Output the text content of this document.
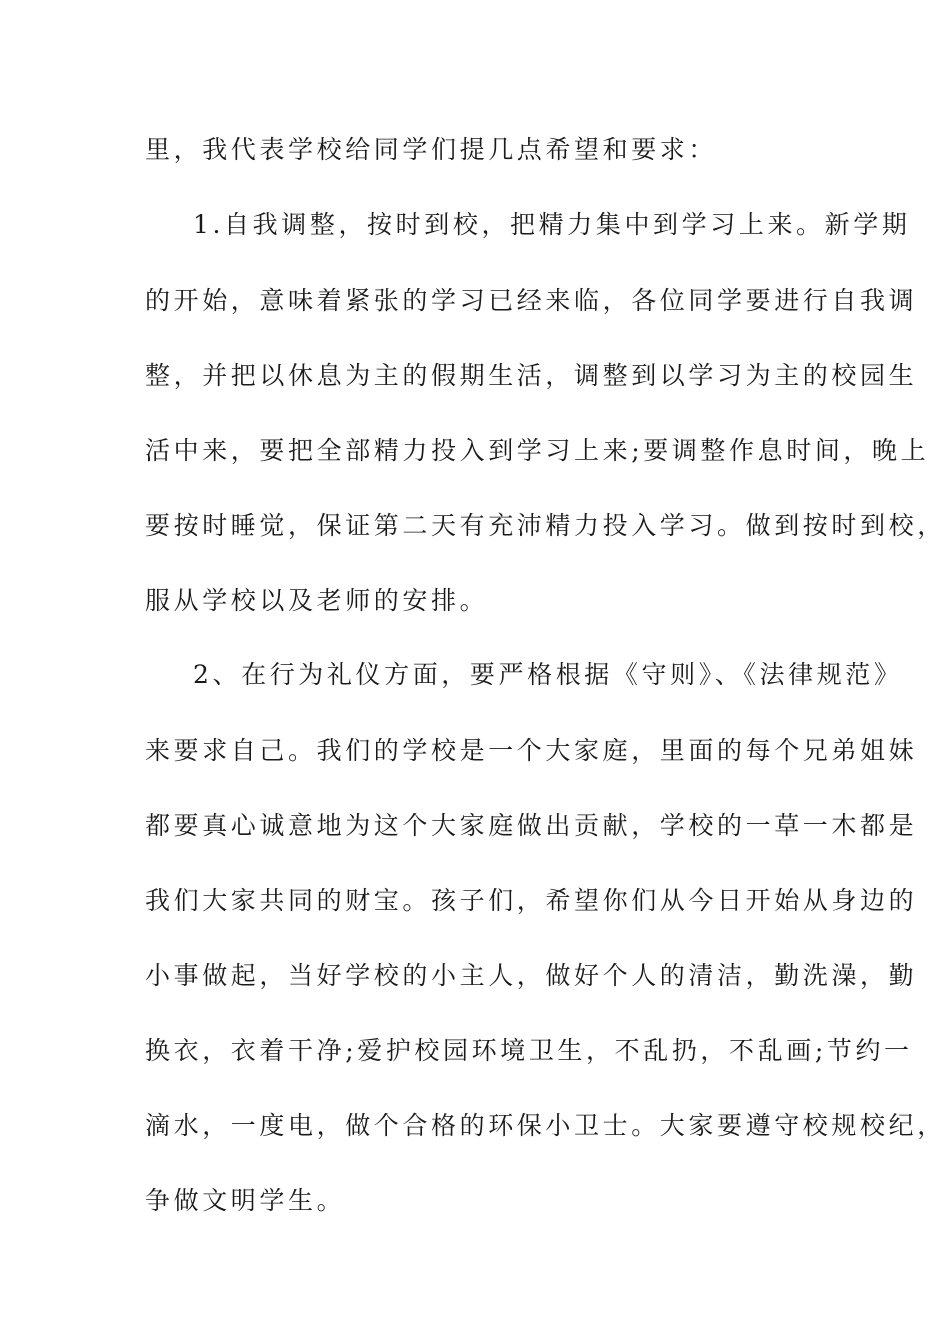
里，我代表学校给同学们提几点希望和要求：
1.自我调整，按时到校，把精力集中到学习上来。新学期
的开始，意味着紧张的学习已经来临，各位同学要进行自我调
整，并把以休息为主的假期生活，调整到以学习为主的校园生
活中来，要把全部精力投入到学习上来;要调整作息时间，晚上
要按时睡觉，保证第二天有充沛精力投入学习。做到按时到校，
服从学校以及老师的安排。
2、在行为礼仪方面，要严格根据《守则》、《法律规范》
来要求自己。我们的学校是一个大家庭，里面的每个兄弟姐妹
都要真心诚意地为这个大家庭做出贡献，学校的一草一木都是
我们大家共同的财宝。孩子们，希望你们从今日开始从身边的
小事做起，当好学校的小主人，做好个人的清洁，勤洗澡，勤
换衣，衣着干净;爱护校园环境卫生，不乱扔，不乱画;节约一
滴水，一度电，做个合格的环保小卫士。大家要遵守校规校纪，
争做文明学生。
